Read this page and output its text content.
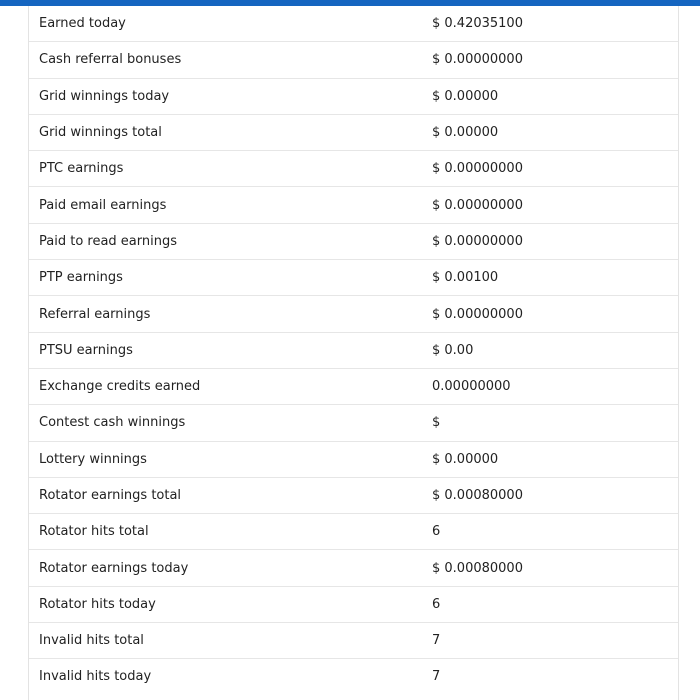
Earned today	$ 0.42035100
Cash referral bonuses	$ 0.00000000
Grid winnings today	$ 0.00000
Grid winnings total	$ 0.00000
PTC earnings	$ 0.00000000
Paid email earnings	$ 0.00000000
Paid to read earnings	$ 0.00000000
PTP earnings	$ 0.00100
Referral earnings	$ 0.00000000
PTSU earnings	$ 0.00
Exchange credits earned	0.00000000
Contest cash winnings	$
Lottery winnings	$ 0.00000
Rotator earnings total	$ 0.00080000
Rotator hits total	6
Rotator earnings today	$ 0.00080000
Rotator hits today	6
Invalid hits total	7
Invalid hits today	7
